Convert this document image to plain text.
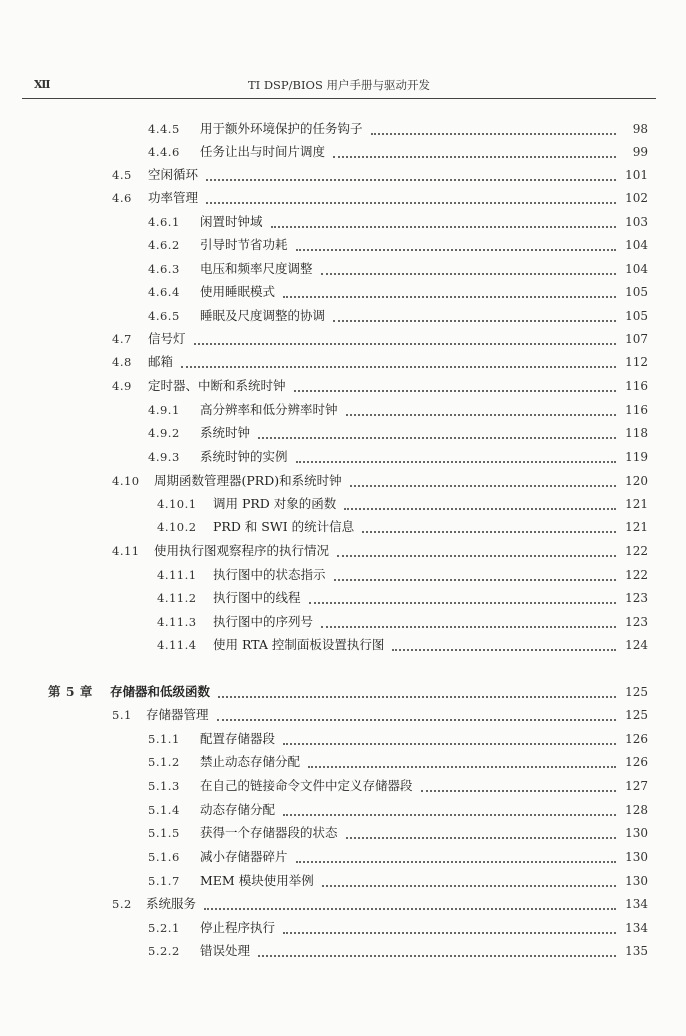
Ⅻ	TI DSP/BIOS 用户手册与驱动开发
4.4.5	用于额外环境保护的任务钩子	98
4.4.6	任务让出与时间片调度	99
4.5	空闲循环	101
4.6	功率管理	102
4.6.1	闲置时钟域	103
4.6.2	引导时节省功耗	104
4.6.3	电压和频率尺度调整	104
4.6.4	使用睡眠模式	105
4.6.5	睡眠及尺度调整的协调	105
4.7	信号灯	107
4.8	邮箱	112
4.9	定时器、中断和系统时钟	116
4.9.1	高分辨率和低分辨率时钟	116
4.9.2	系统时钟	118
4.9.3	系统时钟的实例	119
4.10	周期函数管理器(PRD)和系统时钟	120
4.10.1	调用 PRD 对象的函数	121
4.10.2	PRD 和 SWI 的统计信息	121
4.11	使用执行图观察程序的执行情况	122
4.11.1	执行图中的状态指示	122
4.11.2	执行图中的线程	123
4.11.3	执行图中的序列号	123
4.11.4	使用 RTA 控制面板设置执行图	124
第 5 章	存储器和低级函数	125
5.1	存储器管理	125
5.1.1	配置存储器段	126
5.1.2	禁止动态存储分配	126
5.1.3	在自己的链接命令文件中定义存储器段	127
5.1.4	动态存储分配	128
5.1.5	获得一个存储器段的状态	130
5.1.6	减小存储器碎片	130
5.1.7	MEM 模块使用举例	130
5.2	系统服务	134
5.2.1	停止程序执行	134
5.2.2	错误处理	135
